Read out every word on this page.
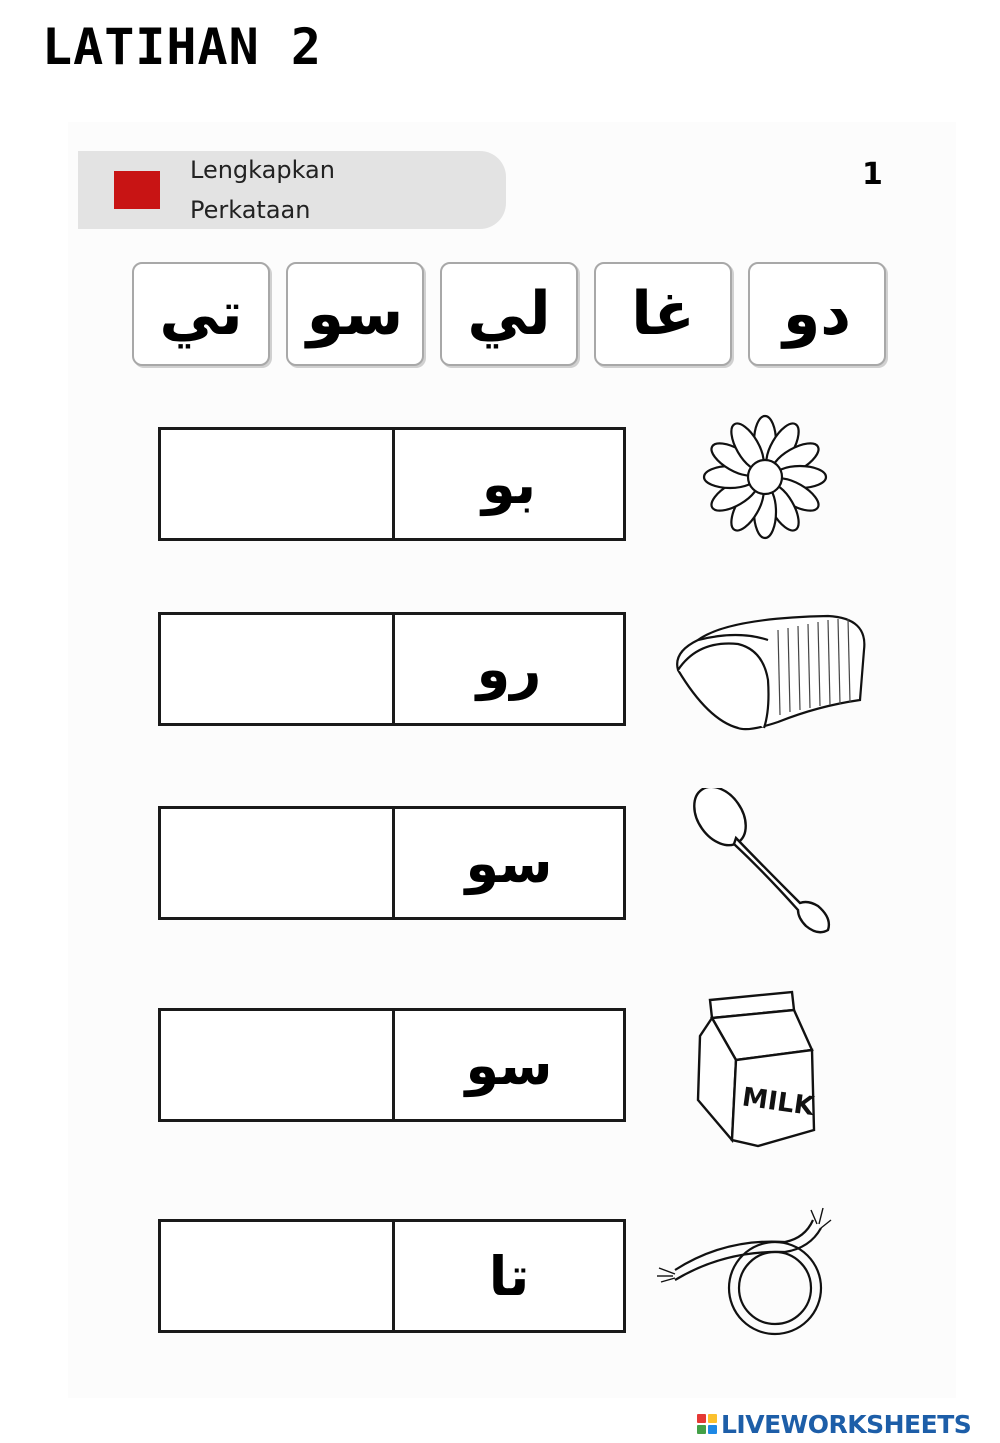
LATIHAN 2
Lengkapkan
Perkataan
1
تي	سو	لي	غا	دو
بو
رو
سو
سو
تا
MILK
LIVEWORKSHEETS
